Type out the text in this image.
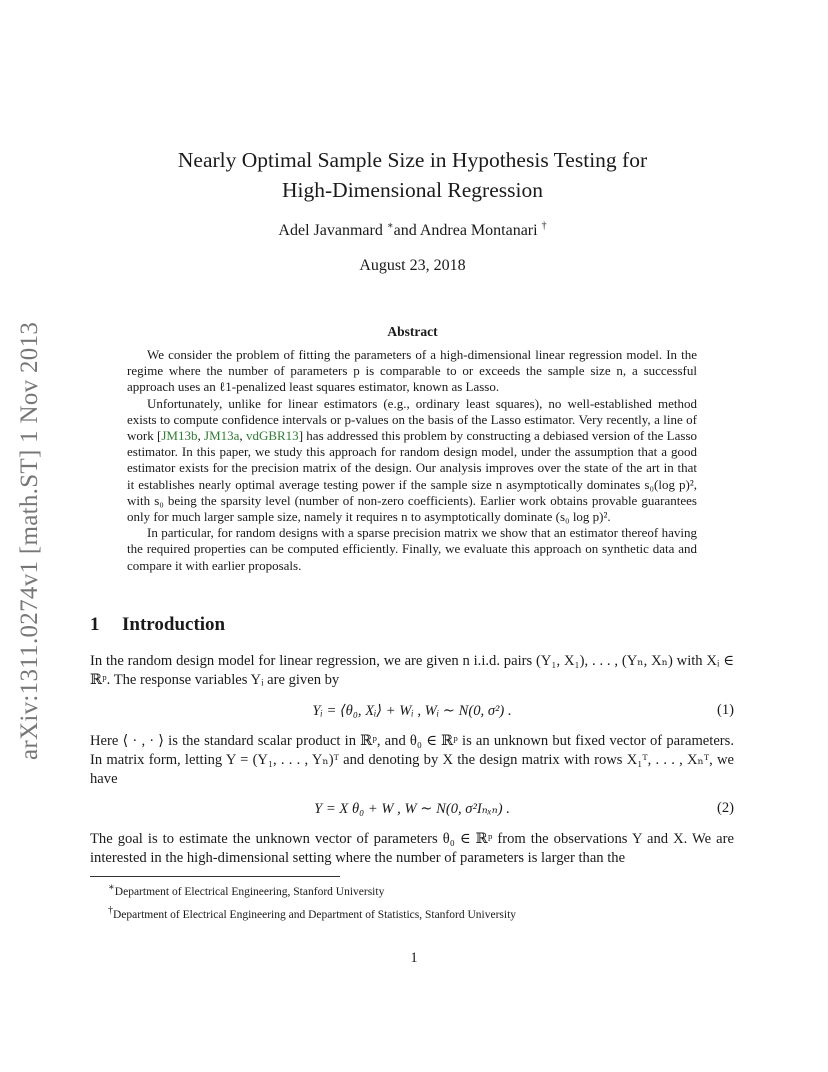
arXiv:1311.0274v1 [math.ST] 1 Nov 2013
Nearly Optimal Sample Size in Hypothesis Testing for
High-Dimensional Regression
Adel Javanmard ∗and Andrea Montanari †
August 23, 2018
Abstract

We consider the problem of fitting the parameters of a high-dimensional linear regression model. In the regime where the number of parameters p is comparable to or exceeds the sample size n, a successful approach uses an ℓ1-penalized least squares estimator, known as Lasso.

Unfortunately, unlike for linear estimators (e.g., ordinary least squares), no well-established method exists to compute confidence intervals or p-values on the basis of the Lasso estimator. Very recently, a line of work [JM13b, JM13a, vdGBR13] has addressed this problem by constructing a debiased version of the Lasso estimator. In this paper, we study this approach for random design model, under the assumption that a good estimator exists for the precision matrix of the design. Our analysis improves over the state of the art in that it establishes nearly optimal average testing power if the sample size n asymptotically dominates s₀(log p)², with s₀ being the sparsity level (number of non-zero coefficients). Earlier work obtains provable guarantees only for much larger sample size, namely it requires n to asymptotically dominate (s₀ log p)².

In particular, for random designs with a sparse precision matrix we show that an estimator thereof having the required properties can be computed efficiently. Finally, we evaluate this approach on synthetic data and compare it with earlier proposals.

1 Introduction
In the random design model for linear regression, we are given n i.i.d. pairs (Y₁, X₁), . . . , (Yₙ, Xₙ) with Xᵢ ∈ ℝᵖ. The response variables Yᵢ are given by
Yᵢ = ⟨θ₀, Xᵢ⟩ + Wᵢ , Wᵢ ∼ N(0, σ²) .	(1)
Here ⟨ · , · ⟩ is the standard scalar product in ℝᵖ, and θ₀ ∈ ℝᵖ is an unknown but fixed vector of parameters. In matrix form, letting Y = (Y₁, . . . , Yₙ)ᵀ and denoting by X the design matrix with rows X₁ᵀ, . . . , Xₙᵀ, we have
Y = X θ₀ + W , W ∼ N(0, σ²Iₙₓₙ) .	(2)
The goal is to estimate the unknown vector of parameters θ₀ ∈ ℝᵖ from the observations Y and X. We are interested in the high-dimensional setting where the number of parameters is larger than the
∗Department of Electrical Engineering, Stanford University
†Department of Electrical Engineering and Department of Statistics, Stanford University
1
